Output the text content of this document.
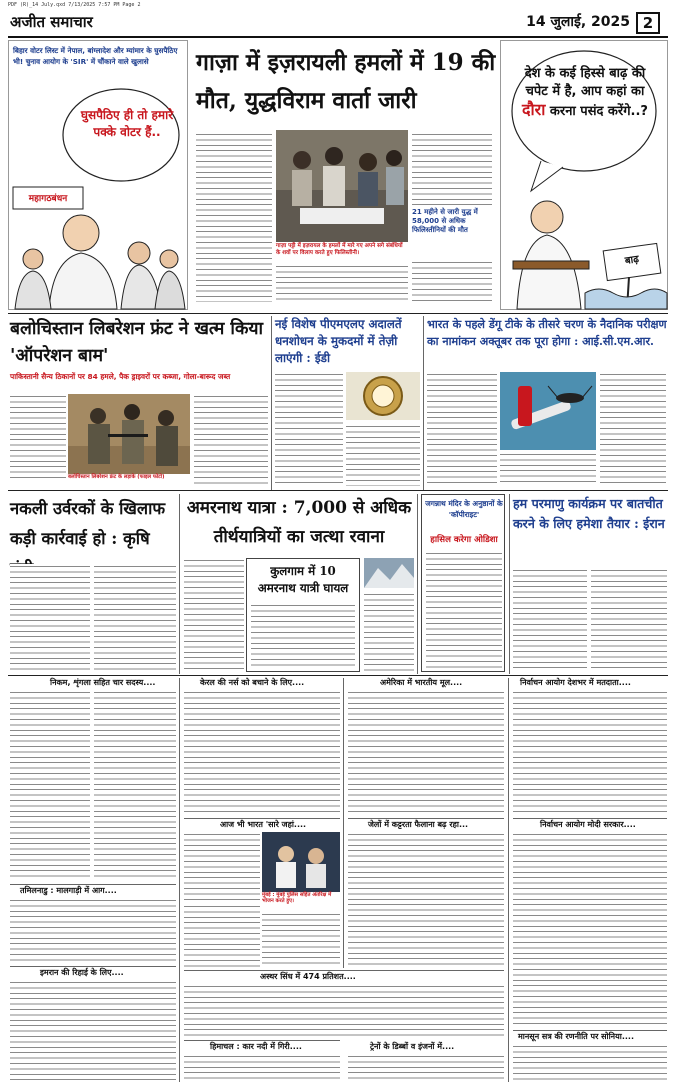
PDF (R)_14 July.qxd 7/13/2025 7:57 PM Page 2
अजीत समाचार	14 जुलाई, 2025 2
बिहार वोटर लिस्ट में नेपाल, बांग्लादेश और म्यांमार के घुसपैठिए भी! चुनाव आयोग के 'SIR' में चौंकाने वाले खुलासे
घुसपैठिए ही तो हमारे पक्के वोटर हैं..
महागठबंधन
गाज़ा में इज़रायली हमलों में 19 की मौत, युद्धविराम वार्ता जारी
गाज़ा पट्टी में इज़रायल के हमलों में मारे गए अपने सगे संबंधियों के शवों पर विलाप करते हुए फिलिस्तीनी।
21 महीने से जारी युद्ध में 58,000 से अधिक फिलिस्तीनियों की मौत
देश के कई हिस्से बाढ़ की चपेट में है, आप कहां का दौरा करना पसंद करेंगे..?
बाढ़
बलोचिस्तान लिबरेशन फ्रंट ने खत्म किया 'ऑपरेशन बाम'
पाकिस्तानी सैन्य ठिकानों पर 84 हमले, पैक ड्राइवरों पर कब्जा, गोला-बारूद जब्त
बलोचिस्तान लिबरेशन फ्रंट के लड़ाके (फाइल फोटो)
नई विशेष पीएमएलए अदालतें धनशोधन के मुकदमों में तेज़ी लाएंगी : ईडी
भारत के पहले डेंगू टीके के तीसरे चरण के नैदानिक परीक्षण का नामांकन अक्तूबर तक पूरा होगा : आई.सी.एम.आर.
नकली उर्वरकों के खिलाफ कड़ी कार्रवाई हो : कृषि
अमरनाथ यात्रा : 7,000 से अधिक तीर्थयात्रियों का जत्था रवाना
कुलगाम में 10 अमरनाथ यात्री घायल
जगन्नाथ मंदिर के अनुष्ठानों के 'कॉपीराइट'
हासिल करेगा ओडिशा
हम परमाणु कार्यक्रम पर बातचीत करने के लिए हमेशा तैयार : ईरान
निकम, शृंगला सहित चार सदस्य....
तमिलनाडु : मालगाड़ी में आग....
इमरान की रिहाई के लिए....
केरल की नर्स को बचाने के लिए....
आज भी भारत 'सारे जहां....
मुंबई : मुंबई पुलिस सहित अंतरिक्ष में भोजन करते हुए।
अस्थर सिंध में 474 प्रतिशत....
हिमाचल : कार नदी में गिरी....
अमेरिका में भारतीय मूल....
जेलों में कट्टरता फैलाना बढ़ रहा...
ट्रेनों के डिब्बों व इंजनों में....
निर्वाचन आयोग देशभर में मतदाता....
निर्वाचन आयोग मोदी सरकार....
मानसून सत्र की रणनीति पर सोनिया....
